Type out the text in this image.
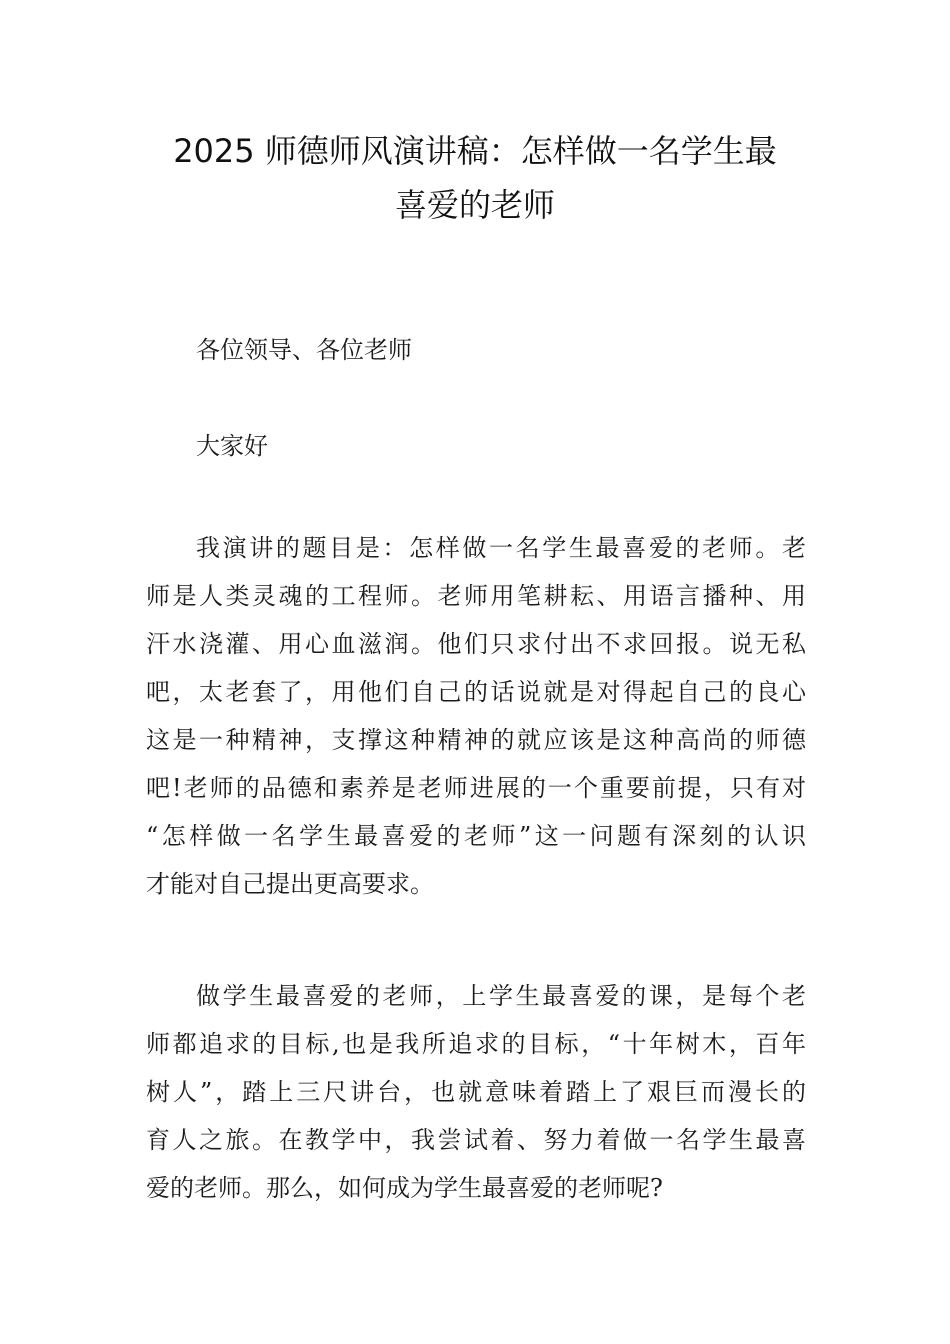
2025 师德师风演讲稿：怎样做一名学生最
喜爱的老师

各位领导、各位老师

大家好

我演讲的题目是：怎样做一名学生最喜爱的老师。老
师是人类灵魂的工程师。老师用笔耕耘、用语言播种、用
汗水浇灌、用心血滋润。他们只求付出不求回报。说无私
吧，太老套了，用他们自己的话说就是对得起自己的良心
这是一种精神，支撑这种精神的就应该是这种高尚的师德
吧!老师的品德和素养是老师进展的一个重要前提，只有对
“怎样做一名学生最喜爱的老师”这一问题有深刻的认识
才能对自己提出更高要求。
做学生最喜爱的老师，上学生最喜爱的课，是每个老
师都追求的目标,也是我所追求的目标，“十年树木，百年
树人”，踏上三尺讲台，也就意味着踏上了艰巨而漫长的
育人之旅。在教学中，我尝试着、努力着做一名学生最喜
爱的老师。那么，如何成为学生最喜爱的老师呢?
